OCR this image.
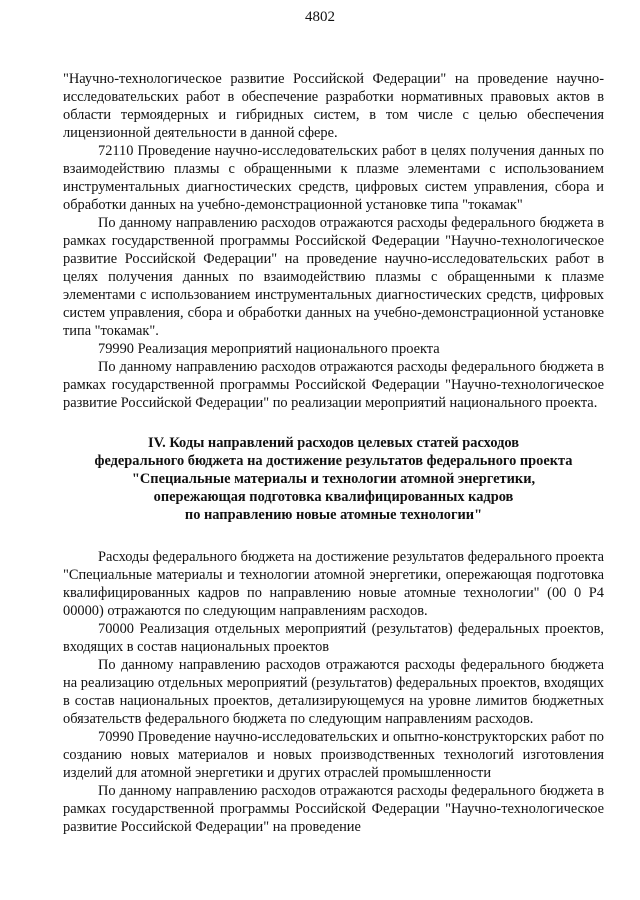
4802

"Научно-технологическое развитие Российской Федерации" на проведение научно-исследовательских работ в обеспечение разработки нормативных правовых актов в области термоядерных и гибридных систем, в том числе с целью обеспечения лицензионной деятельности в данной сфере.

72110 Проведение научно-исследовательских работ в целях получения данных по взаимодействию плазмы с обращенными к плазме элементами с использованием инструментальных диагностических средств, цифровых систем управления, сбора и обработки данных на учебно-демонстрационной установке типа "токамак"

По данному направлению расходов отражаются расходы федерального бюджета в рамках государственной программы Российской Федерации "Научно-технологическое развитие Российской Федерации" на проведение научно-исследовательских работ в целях получения данных по взаимодействию плазмы с обращенными к плазме элементами с использованием инструментальных диагностических средств, цифровых систем управления, сбора и обработки данных на учебно-демонстрационной установке типа "токамак".

79990 Реализация мероприятий национального проекта

По данному направлению расходов отражаются расходы федерального бюджета в рамках государственной программы Российской Федерации "Научно-технологическое развитие Российской Федерации" по реализации мероприятий национального проекта.

IV. Коды направлений расходов целевых статей расходов
федерального бюджета на достижение результатов федерального проекта
"Специальные материалы и технологии атомной энергетики,
опережающая подготовка квалифицированных кадров
по направлению новые атомные технологии"

Расходы федерального бюджета на достижение результатов федерального проекта "Специальные материалы и технологии атомной энергетики, опережающая подготовка квалифицированных кадров по направлению новые атомные технологии" (00 0 Р4 00000) отражаются по следующим направлениям расходов.

70000 Реализация отдельных мероприятий (результатов) федеральных проектов, входящих в состав национальных проектов

По данному направлению расходов отражаются расходы федерального бюджета на реализацию отдельных мероприятий (результатов) федеральных проектов, входящих в состав национальных проектов, детализирующемуся на уровне лимитов бюджетных обязательств федерального бюджета по следующим направлениям расходов.

70990 Проведение научно-исследовательских и опытно-конструкторских работ по созданию новых материалов и новых производственных технологий изготовления изделий для атомной энергетики и других отраслей промышленности

По данному направлению расходов отражаются расходы федерального бюджета в рамках государственной программы Российской Федерации "Научно-технологическое развитие Российской Федерации" на проведение
